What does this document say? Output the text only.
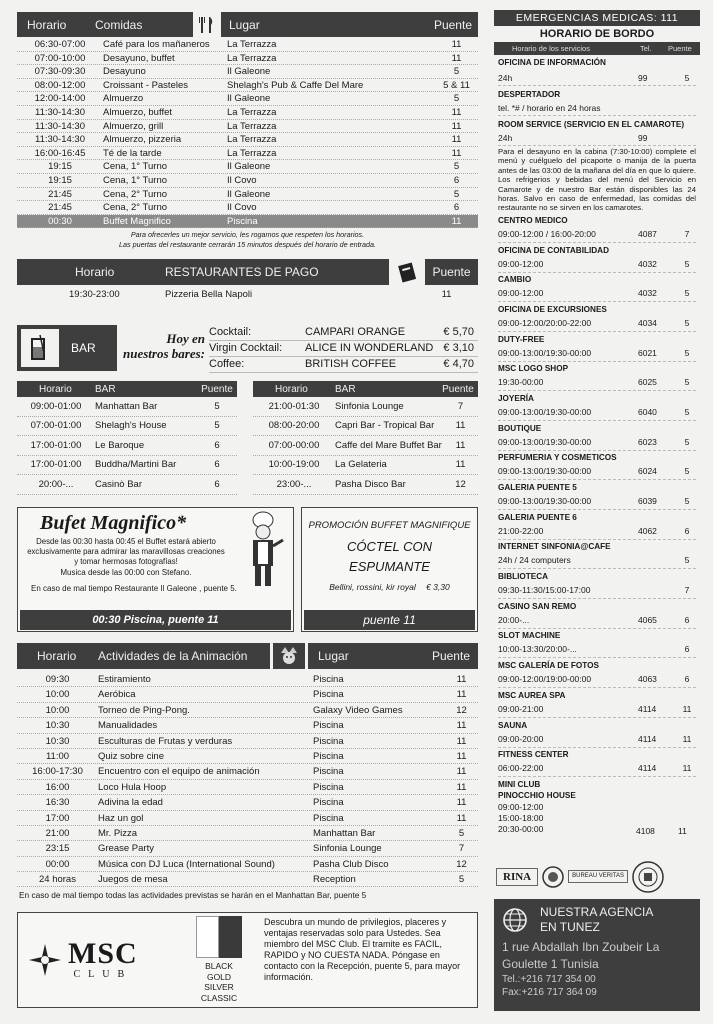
Horario	Comidas	Lugar	Puente
06:30-07:00	Café para los mañaneros	La Terrazza	11
07:00-10:00	Desayuno, buffet	La Terrazza	11
07:30-09:30	Desayuno	Il Galeone	5
08:00-12:00	Croissant - Pasteles	Shelagh's Pub & Caffe Del Mare	5 & 11
12:00-14:00	Almuerzo	Il Galeone	5
11:30-14:30	Almuerzo, buffet	La Terrazza	11
11:30-14:30	Almuerzo, grill	La Terrazza	11
11:30-14:30	Almuerzo, pizzeria	La Terrazza	11
16:00-16:45	Té de la tarde	La Terrazza	11
19:15	Cena, 1° Turno	Il Galeone	5
19:15	Cena, 1° Turno	Il Covo	6
21:45	Cena, 2° Turno	Il Galeone	5
21:45	Cena, 2° Turno	Il Covo	6
00:30	Buffet Magnifico	Piscina	11
Para ofrecerles un mejor servicio, les rogamos que respeten los horarios.
Las puertas del restaurante cerrarán 15 minutos después del horario de entrada.
Horario	RESTAURANTES DE PAGO	Puente
19:30-23:00	Pizzeria Bella Napoli	11
BAR
Hoy en nuestros bares:
Cocktail:	CAMPARI ORANGE	€ 5,70
Virgin Cocktail:	ALICE IN WONDERLAND € 3,10
Coffee:	BRITISH COFFEE	€ 4,70
Horario	BAR	Puente
09:00-01:00	Manhattan Bar	5
07:00-01:00	Shelagh's House	5
17:00-01:00	Le Baroque	6
17:00-01:00	Buddha/Martini Bar	6
20:00-...	Casinò Bar	6
Horario	BAR	Puente
21:00-01:30	Sinfonia Lounge	7
08:00-20:00	Capri Bar - Tropical Bar	11
07:00-00:00	Caffe del Mare Buffet Bar	11
10:00-19:00	La Gelateria	11
23:00-...	Pasha Disco Bar	12
Bufet Magnifico*
Desde las 00:30 hasta 00:45 el Buffet estará abierto exclusivamente para admirar las maravillosas creaciones y tomar hermosas fotografías!
Musica desde las 00:00 con Stefano.
En caso de mal tiempo Restaurante Il Galeone , puente 5.
00:30 Piscina, puente 11
PROMOCIÓN BUFFET MAGNIFIQUE
CÓCTEL CON
ESPUMANTE
Bellini, rossini, kir royal € 3,30
puente 11
Horario	Actividades de la Animación	Lugar	Puente
09:30	Estiramiento	Piscina	11
10:00	Aeróbica	Piscina	11
10:00	Torneo de Ping-Pong.	Galaxy Video Games	12
10:30	Manualidades	Piscina	11
10:30	Esculturas de Frutas y verduras	Piscina	11
11:00	Quiz sobre cine	Piscina	11
16:00-17:30	Encuentro con el equipo de animación	Piscina	11
16:00	Loco Hula Hoop	Piscina	11
16:30	Adivina la edad	Piscina	11
17:00	Haz un gol	Piscina	11
21:00	Mr. Pizza	Manhattan Bar	5
23:15	Grease Party	Sinfonia Lounge	7
00:00	Música con DJ Luca (International Sound)	Pasha Club Disco	12
24 horas	Juegos de mesa	Reception	5
En caso de mal tiempo todas las actividades previstas se harán en el Manhattan Bar, puente 5
MSC
CLUB
BLACK
GOLD
SILVER
CLASSIC
Descubra un mundo de privilegios, placeres y ventajas reservadas solo para Ustedes. Sea miembro del MSC Club. El tramite es FACIL, RAPIDO y NO CUESTA NADA. Póngase en contacto con la Recepción, puente 5, para mayor información.
EMERGENCIAS MEDICAS: 111
HORARIO DE BORDO
Horario de los servicios	Tel.	Puente
OFICINA DE INFORMACIÓN
24h	99	5
DESPERTADOR
tel. *# / horario en 24 horas
ROOM SERVICE (SERVICIO EN EL CAMAROTE)
24h	99
Para el desayuno en la cabina (7:30-10:00) complete el menú y cuélguelo del picaporte o manija de la puerta antes de las 03:00 de la mañana del día en que lo quiere. Los refrigerios y bebidas del menú del Servicio en Camarote y de nuestro Bar están disponibles las 24 horas. Salvo en caso de enfermedad, las comidas del restaurante no se sirven en los camarotes.
CENTRO MEDICO
09:00-12:00 / 16:00-20:00	4087	7
OFICINA DE CONTABILIDAD
09:00-12:00	4032	5
CAMBIO
09:00-12:00	4032	5
OFICINA DE EXCURSIONES
09:00-12:00/20:00-22:00	4034	5
DUTY-FREE
09:00-13:00/19:30-00:00	6021	5
MSC LOGO SHOP
19:30-00:00	6025	5
JOYERÍA
09:00-13:00/19:30-00:00	6040	5
BOUTIQUE
09:00-13:00/19:30-00:00	6023	5
PERFUMERIA Y COSMETICOS
09:00-13:00/19:30-00:00	6024	5
GALERIA PUENTE 5
09:00-13:00/19:30-00:00	6039	5
GALERIA PUENTE 6
21:00-22:00	4062	6
INTERNET SINFONIA@CAFE
24h / 24 computers	5
BIBLIOTECA
09:30-11:30/15:00-17:00	7
CASINO SAN REMO
20:00-...	4065	6
SLOT MACHINE
10:00-13:30/20:00-...	6
MSC GALERÍA DE FOTOS
09:00-12:00/19:00-00:00	4063	6
MSC AUREA SPA
09:00-21:00	4114	11
SAUNA
09:00-20:00	4114	11
FITNESS CENTER
06:00-22:00	4114	11
MINI CLUB
PINOCCHIO HOUSE
09:00-12:00
15:00-18:00
20:30-00:00	4108	11
RINA	BUREAU VERITAS
NUESTRA AGENCIA
EN TUNEZ
1 rue Abdallah Ibn Zoubeir La
Goulette 1 Tunisia
Tel.:+216 717 354 00
Fax:+216 717 364 09
